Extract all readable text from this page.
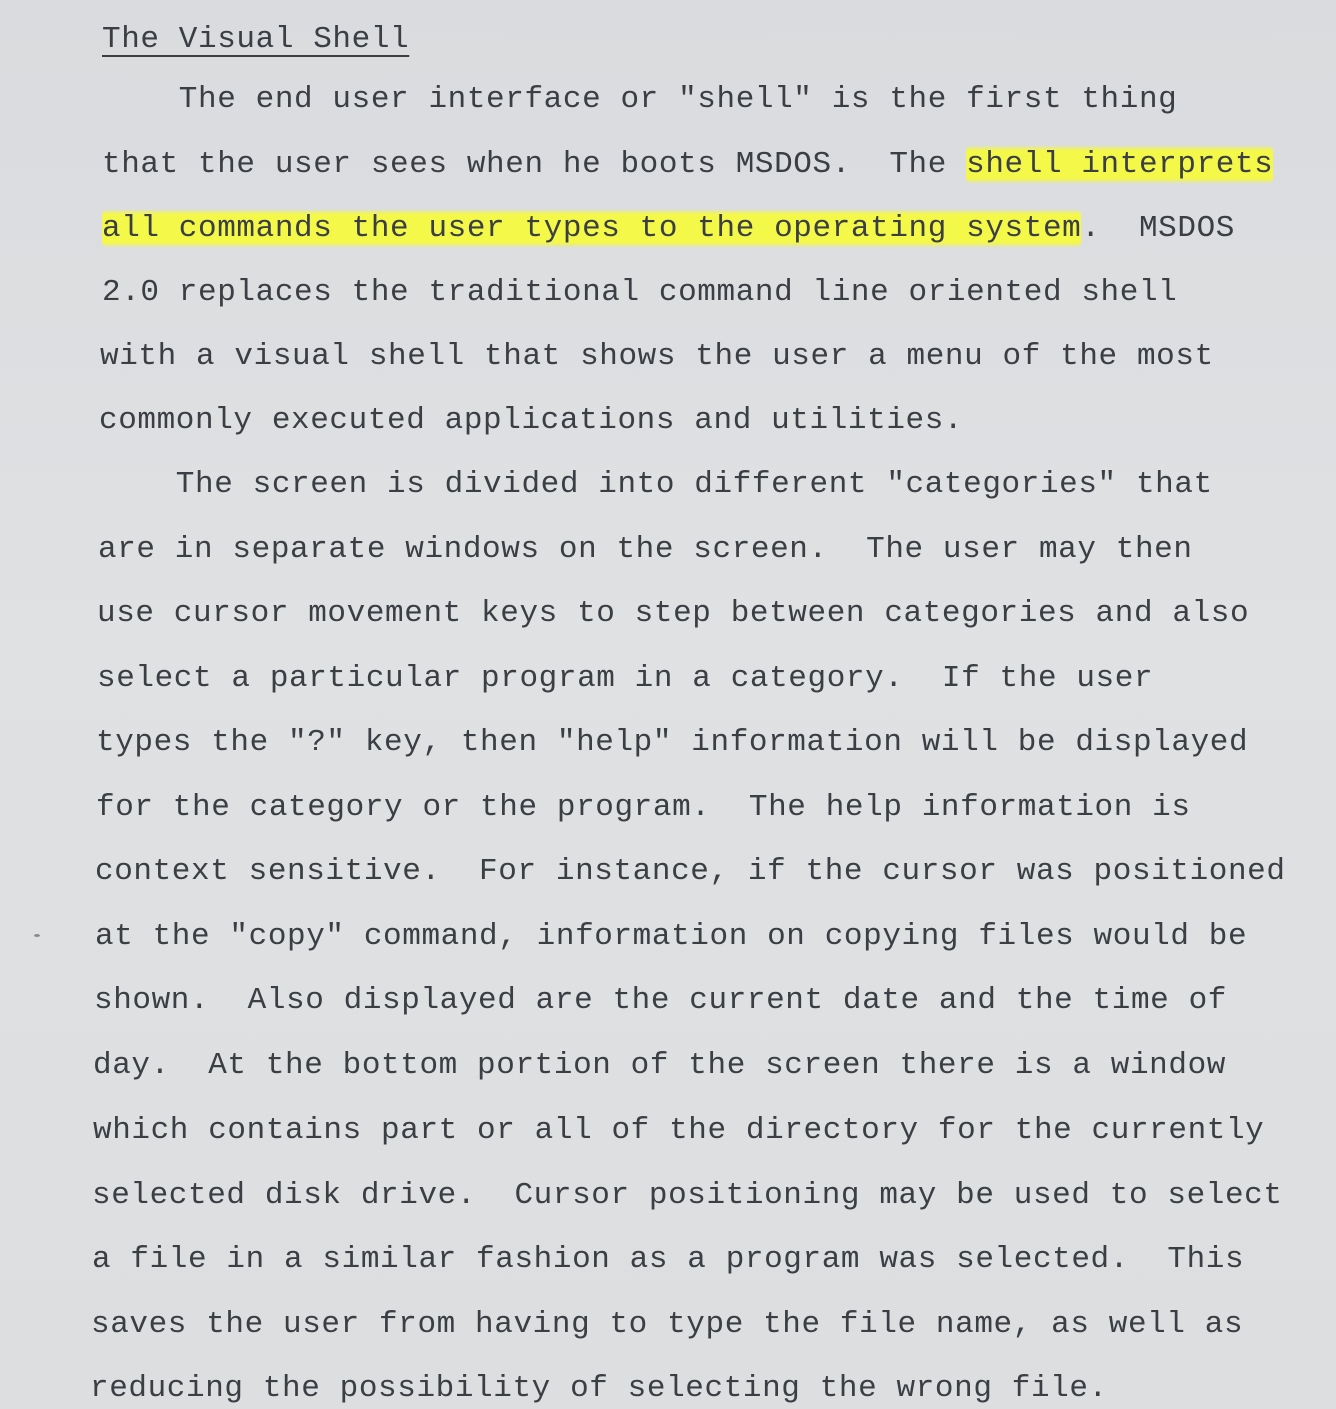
The Visual Shell
The end user interface or "shell" is the first thing
that the user sees when he boots MSDOS.  The shell interprets
all commands the user types to the operating system.  MSDOS
2.0 replaces the traditional command line oriented shell
with a visual shell that shows the user a menu of the most
commonly executed applications and utilities.
The screen is divided into different "categories" that
are in separate windows on the screen.  The user may then
use cursor movement keys to step between categories and also
select a particular program in a category.  If the user
types the "?" key, then "help" information will be displayed
for the category or the program.  The help information is
context sensitive.  For instance, if the cursor was positioned
at the "copy" command, information on copying files would be
shown.  Also displayed are the current date and the time of
day.  At the bottom portion of the screen there is a window
which contains part or all of the directory for the currently
selected disk drive.  Cursor positioning may be used to select
a file in a similar fashion as a program was selected.  This
saves the user from having to type the file name, as well as
reducing the possibility of selecting the wrong file.
